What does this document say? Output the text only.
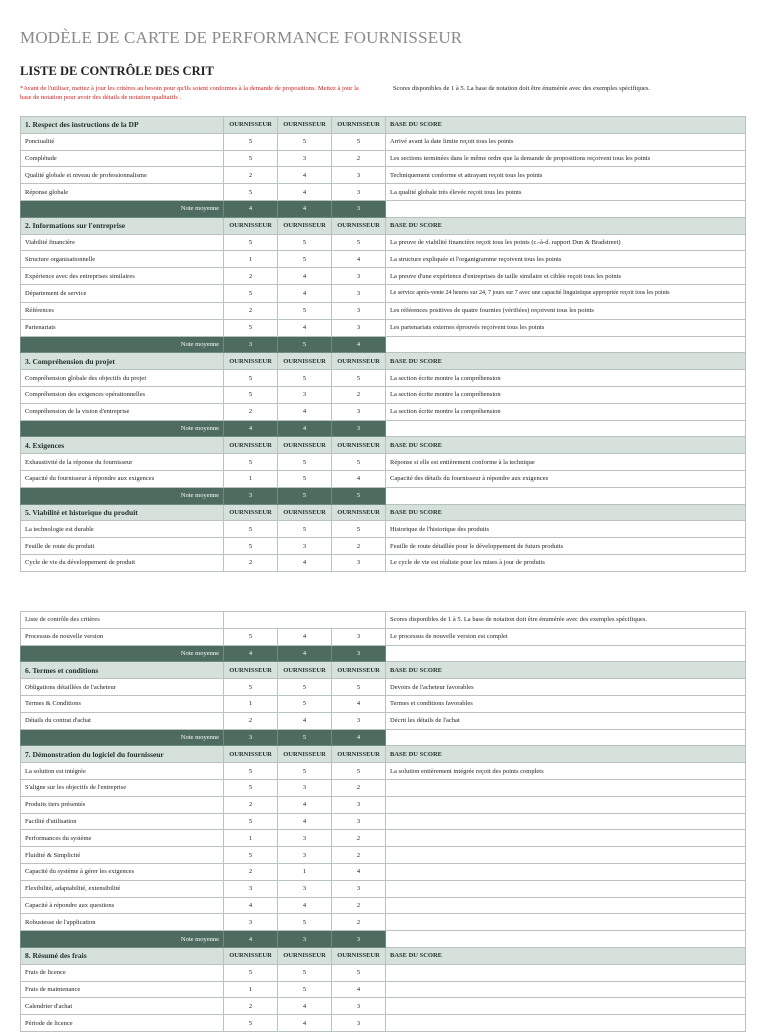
MODÈLE DE CARTE DE PERFORMANCE FOURNISSEUR
LISTE DE CONTRÔLE DES CRIT
*Avant de l'utiliser, mettez à jour les critères au besoin pour qu'ils soient conformes à la demande de propositions. Mettez à jour la base de notation pour avoir des détails de notation qualitatifs .
Scores disponibles de 1 à 5. La base de notation doit être énumérée avec des exemples spécifiques.
1. Respect des instructions de la DP	OURNISSEUR	OURNISSEUR	OURNISSEUR	BASE DU SCORE
Ponctualité	5	5	5	Arrivé avant la date limite reçoit tous les points
Complétude	5	3	2	Les sections terminées dans le même ordre que la demande de propositions reçoivent tous les points
Qualité globale et niveau de professionnalisme	2	4	3	Techniquement conforme et attrayant reçoit tous les points
Réponse globale	5	4	3	La qualité globale très élevée reçoit tous les points
Note moyenne	4	4	3	
2. Informations sur l'entreprise	OURNISSEUR	OURNISSEUR	OURNISSEUR	BASE DU SCORE
Viabilité financière	5	5	5	La preuve de viabilité financière reçoit tous les points (c.-à-d. rapport Dun & Bradstreet)
Structure organisationnelle	1	5	4	La structure expliquée et l'organigramme reçoivent tous les points
Expérience avec des entreprises similaires	2	4	3	La preuve d'une expérience d'entreprises de taille similaire et ciblée reçoit tous les points
Département de service	5	4	3	Le service après-vente 24 heures sur 24, 7 jours sur 7 avec une capacité linguistique appropriée reçoit tous les points
Références	2	5	3	Les références positives de quatre fournies (vérifiées) reçoivent tous les points
Partenariats	5	4	3	Les partenariats externes éprouvés reçoivent tous les points
Note moyenne	3	5	4	
3. Compréhension du projet	OURNISSEUR	OURNISSEUR	OURNISSEUR	BASE DU SCORE
Compréhension globale des objectifs du projet	5	5	5	La section écrite montre la compréhension
Compréhension des exigences opérationnelles	5	3	2	La section écrite montre la compréhension
Compréhension de la vision d'entreprise	2	4	3	La section écrite montre la compréhension
Note moyenne	4	4	3	
4. Exigences	OURNISSEUR	OURNISSEUR	OURNISSEUR	BASE DU SCORE
Exhaustivité de la réponse du fournisseur	5	5	5	Réponse si elle est entièrement conforme à la technique
Capacité du fournisseur à répondre aux exigences	1	5	4	Capacité des détails du fournisseur à répondre aux exigences
Note moyenne	3	5	5	
5. Viabilité et historique du produit	OURNISSEUR	OURNISSEUR	OURNISSEUR	BASE DU SCORE
La technologie est durable	5	5	5	Historique de l'historique des produits
Feuille de route du produit	5	3	2	Feuille de route détaillée pour le développement de futurs produits
Cycle de vie du développement de produit	2	4	3	Le cycle de vie est réaliste pour les mises à jour de produits
Liste de contrôle des critères				Scores disponibles de 1 à 5. La base de notation doit être énumérée avec des exemples spécifiques.
Processus de nouvelle version	5	4	3	Le processus de nouvelle version est complet
Note moyenne	4	4	3	
6. Termes et conditions	OURNISSEUR	OURNISSEUR	OURNISSEUR	BASE DU SCORE
Obligations détaillées de l'acheteur	5	5	5	Devoirs de l'acheteur favorables
Termes & Conditions	1	5	4	Termes et conditions favorables
Détails du contrat d'achat	2	4	3	Décrit les détails de l'achat
Note moyenne	3	5	4	
7. Démonstration du logiciel du fournisseur	OURNISSEUR	OURNISSEUR	OURNISSEUR	BASE DU SCORE
La solution est intégrée	5	5	5	La solution entièrement intégrée reçoit des points complets
S'aligne sur les objectifs de l'entreprise	5	3	2	
Produits tiers présentés	2	4	3	
Facilité d'utilisation	5	4	3	
Performances du système	1	3	2	
Fluidité & Simplicité	5	3	2	
Capacité du système à gérer les exigences	2	1	4	
Flexibilité, adaptabilité, extensibilité	3	3	3	
Capacité à répondre aux questions	4	4	2	
Robustesse de l'application	3	5	2	
Note moyenne	4	3	3	
8. Résumé des frais	OURNISSEUR	OURNISSEUR	OURNISSEUR	BASE DU SCORE
Frais de licence	5	5	5	
Frais de maintenance	1	5	4	
Calendrier d'achat	2	4	3	
Période de licence	5	4	3	
